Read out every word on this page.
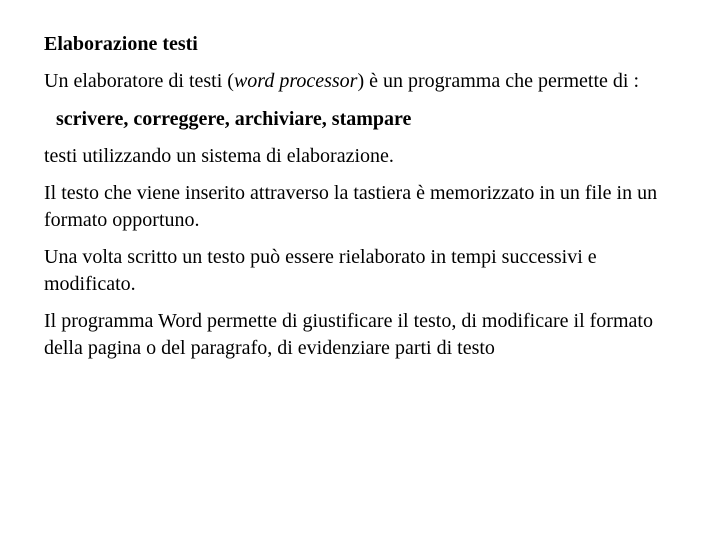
Elaborazione testi

Un elaboratore di testi (word processor) è un programma che permette di :

scrivere, correggere, archiviare, stampare

testi utilizzando un sistema di elaborazione.

Il testo che viene inserito attraverso la tastiera è memorizzato in un file in un formato opportuno.

Una volta scritto un testo può essere rielaborato in tempi successivi e modificato.

Il programma Word permette di giustificare il testo, di modificare il formato della pagina o del paragrafo, di evidenziare parti di testo
